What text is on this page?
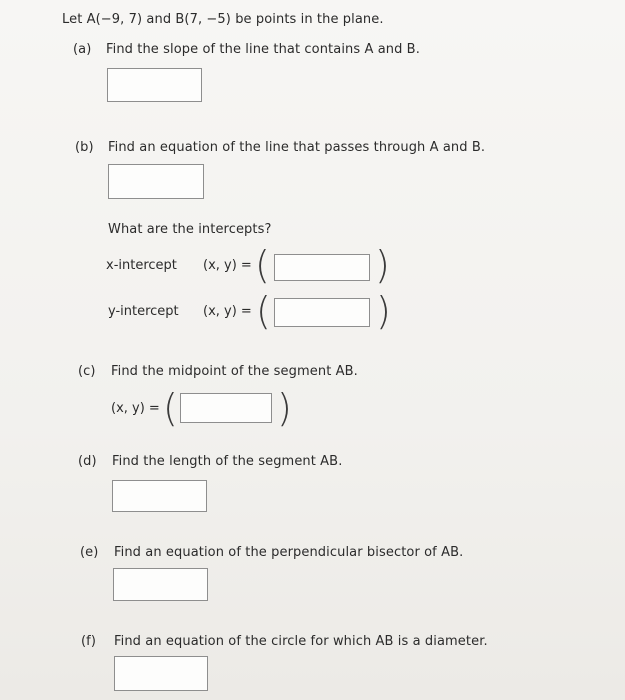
Let A(−9, 7) and B(7, −5) be points in the plane.
(a) Find the slope of the line that contains A and B.
(b) Find an equation of the line that passes through A and B.
What are the intercepts?
x-intercept (x, y) = (	)
y-intercept (x, y) = (	)
(c) Find the midpoint of the segment AB.
(x, y) = (	)
(d) Find the length of the segment AB.
(e) Find an equation of the perpendicular bisector of AB.
(f) Find an equation of the circle for which AB is a diameter.
